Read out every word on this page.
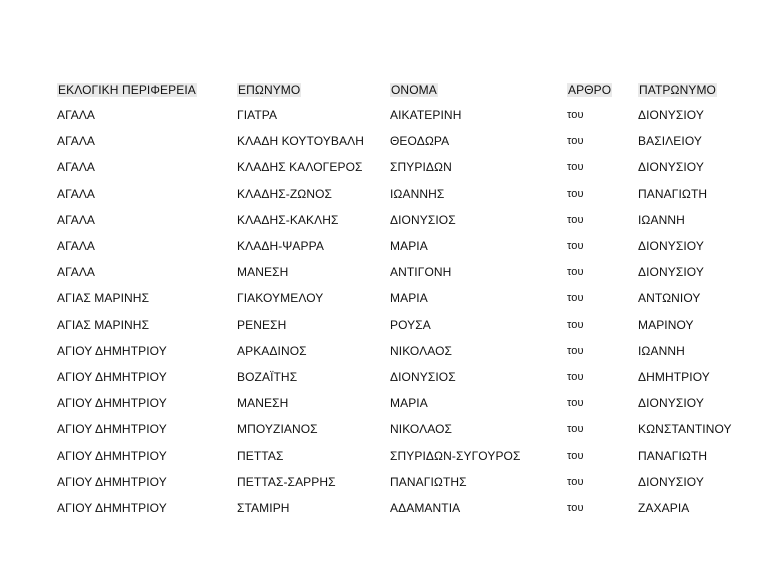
ΕΚΛΟΓΙΚΗ ΠΕΡΙΦΕΡΕΙΑ	ΕΠΩΝΥΜΟ	ΟΝΟΜΑ	ΑΡΘΡΟ	ΠΑΤΡΩΝΥΜΟ
ΑΓΑΛΑ	ΓΙΑΤΡΑ	ΑΙΚΑΤΕΡΙΝΗ	του	ΔΙΟΝΥΣΙΟΥ
ΑΓΑΛΑ	ΚΛΑΔΗ ΚΟΥΤΟΥΒΑΛΗ	ΘΕΟΔΩΡΑ	του	ΒΑΣΙΛΕΙΟΥ
ΑΓΑΛΑ	ΚΛΑΔΗΣ ΚΑΛΟΓΕΡΟΣ	ΣΠΥΡΙΔΩΝ	του	ΔΙΟΝΥΣΙΟΥ
ΑΓΑΛΑ	ΚΛΑΔΗΣ-ΖΩΝΟΣ	ΙΩΑΝΝΗΣ	του	ΠΑΝΑΓΙΩΤΗ
ΑΓΑΛΑ	ΚΛΑΔΗΣ-ΚΑΚΛΗΣ	ΔΙΟΝΥΣΙΟΣ	του	ΙΩΑΝΝΗ
ΑΓΑΛΑ	ΚΛΑΔΗ-ΨΑΡΡΑ	ΜΑΡΙΑ	του	ΔΙΟΝΥΣΙΟΥ
ΑΓΑΛΑ	ΜΑΝΕΣΗ	ΑΝΤΙΓΟΝΗ	του	ΔΙΟΝΥΣΙΟΥ
ΑΓΙΑΣ ΜΑΡΙΝΗΣ	ΓΙΑΚΟΥΜΕΛΟΥ	ΜΑΡΙΑ	του	ΑΝΤΩΝΙΟΥ
ΑΓΙΑΣ ΜΑΡΙΝΗΣ	ΡΕΝΕΣΗ	ΡΟΥΣΑ	του	ΜΑΡΙΝΟΥ
ΑΓΙΟΥ ΔΗΜΗΤΡΙΟΥ	ΑΡΚΑΔΙΝΟΣ	ΝΙΚΟΛΑΟΣ	του	ΙΩΑΝΝΗ
ΑΓΙΟΥ ΔΗΜΗΤΡΙΟΥ	ΒΟΖΑΪΤΗΣ	ΔΙΟΝΥΣΙΟΣ	του	ΔΗΜΗΤΡΙΟΥ
ΑΓΙΟΥ ΔΗΜΗΤΡΙΟΥ	ΜΑΝΕΣΗ	ΜΑΡΙΑ	του	ΔΙΟΝΥΣΙΟΥ
ΑΓΙΟΥ ΔΗΜΗΤΡΙΟΥ	ΜΠΟΥΖΙΑΝΟΣ	ΝΙΚΟΛΑΟΣ	του	ΚΩΝΣΤΑΝΤΙΝΟΥ
ΑΓΙΟΥ ΔΗΜΗΤΡΙΟΥ	ΠΕΤΤΑΣ	ΣΠΥΡΙΔΩΝ-ΣΥΓΟΥΡΟΣ	του	ΠΑΝΑΓΙΩΤΗ
ΑΓΙΟΥ ΔΗΜΗΤΡΙΟΥ	ΠΕΤΤΑΣ-ΣΑΡΡΗΣ	ΠΑΝΑΓΙΩΤΗΣ	του	ΔΙΟΝΥΣΙΟΥ
ΑΓΙΟΥ ΔΗΜΗΤΡΙΟΥ	ΣΤΑΜΙΡΗ	ΑΔΑΜΑΝΤΙΑ	του	ΖΑΧΑΡΙΑ
